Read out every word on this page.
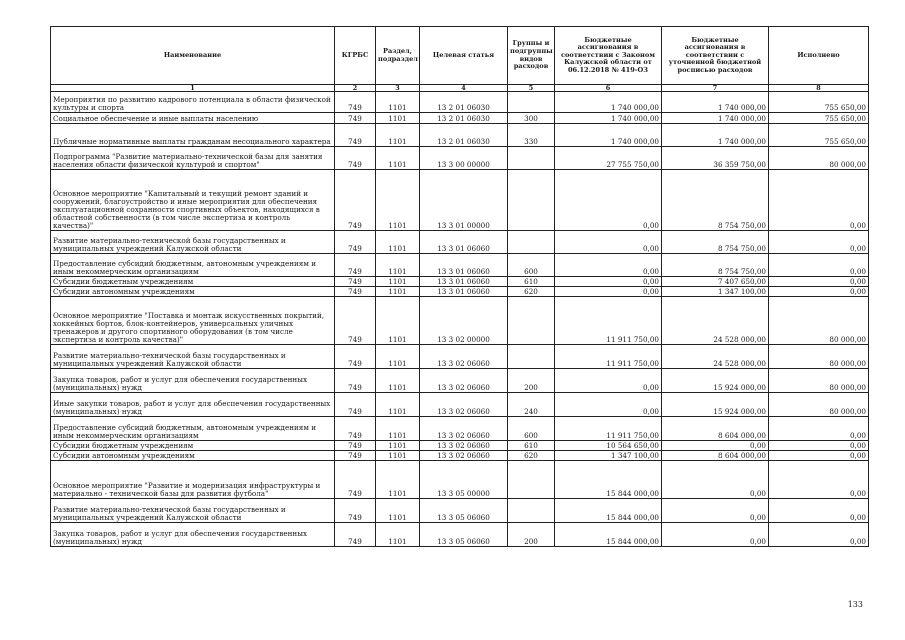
Наименование	КГРБС	Раздел, подраздел	Целевая статья	Группы и подгруппы видов расходов	Бюджетные ассигнования в соответствии с Законом Калужской области от 06.12.2018 № 419-ОЗ	Бюджетные ассигнования в соответствии с уточненной бюджетной росписью расходов	Исполнено
1	2	3	4	5	6	7	8
Мероприятия по развитию кадрового потенциала в области физической культуры и спорта	749	1101	13 2 01 06030		1 740 000,00	1 740 000,00	755 650,00
Социальное обеспечение и иные выплаты населению	749	1101	13 2 01 06030	300	1 740 000,00	1 740 000,00	755 650,00
Публичные нормативные выплаты гражданам несоциального характера	749	1101	13 2 01 06030	330	1 740 000,00	1 740 000,00	755 650,00
Подпрограмма "Развитие материально-технической базы для занятия населения области физической культурой и спортом"	749	1101	13 3 00 00000		27 755 750,00	36 359 750,00	80 000,00
Основное мероприятие "Капитальный и текущий ремонт зданий и сооружений, благоустройство и иные мероприятия для обеспечения эксплуатационной сохранности спортивных объектов, находящихся в областной собственности (в том числе экспертиза и контроль качества)"	749	1101	13 3 01 00000		0,00	8 754 750,00	0,00
Развитие материально-технической базы государственных и муниципальных учреждений Калужской области	749	1101	13 3 01 06060		0,00	8 754 750,00	0,00
Предоставление субсидий бюджетным, автономным учреждениям и иным некоммерческим организациям	749	1101	13 3 01 06060	600	0,00	8 754 750,00	0,00
Субсидии бюджетным учреждениям	749	1101	13 3 01 06060	610	0,00	7 407 650,00	0,00
Субсидии автономным учреждениям	749	1101	13 3 01 06060	620	0,00	1 347 100,00	0,00
Основное мероприятие "Поставка и монтаж искусственных покрытий, хоккейных бортов, блок-контейнеров, универсальных уличных тренажеров и другого спортивного оборудования (в том числе экспертиза и контроль качества)"	749	1101	13 3 02 00000		11 911 750,00	24 528 000,00	80 000,00
Развитие материально-технической базы государственных и муниципальных учреждений Калужской области	749	1101	13 3 02 06060		11 911 750,00	24 528 000,00	80 000,00
Закупка товаров, работ и услуг для обеспечения государственных (муниципальных) нужд	749	1101	13 3 02 06060	200	0,00	15 924 000,00	80 000,00
Иные закупки товаров, работ и услуг для обеспечения государственных (муниципальных) нужд	749	1101	13 3 02 06060	240	0,00	15 924 000,00	80 000,00
Предоставление субсидий бюджетным, автономным учреждениям и иным некоммерческим организациям	749	1101	13 3 02 06060	600	11 911 750,00	8 604 000,00	0,00
Субсидии бюджетным учреждениям	749	1101	13 3 02 06060	610	10 564 650,00	0,00	0,00
Субсидии автономным учреждениям	749	1101	13 3 02 06060	620	1 347 100,00	8 604 000,00	0,00
Основное мероприятие "Развитие и модернизация инфраструктуры и материально - технической базы для развития футбола"	749	1101	13 3 05 00000		15 844 000,00	0,00	0,00
Развитие материально-технической базы государственных и муниципальных учреждений Калужской области	749	1101	13 3 05 06060		15 844 000,00	0,00	0,00
Закупка товаров, работ и услуг для обеспечения государственных (муниципальных) нужд	749	1101	13 3 05 06060	200	15 844 000,00	0,00	0,00
133
